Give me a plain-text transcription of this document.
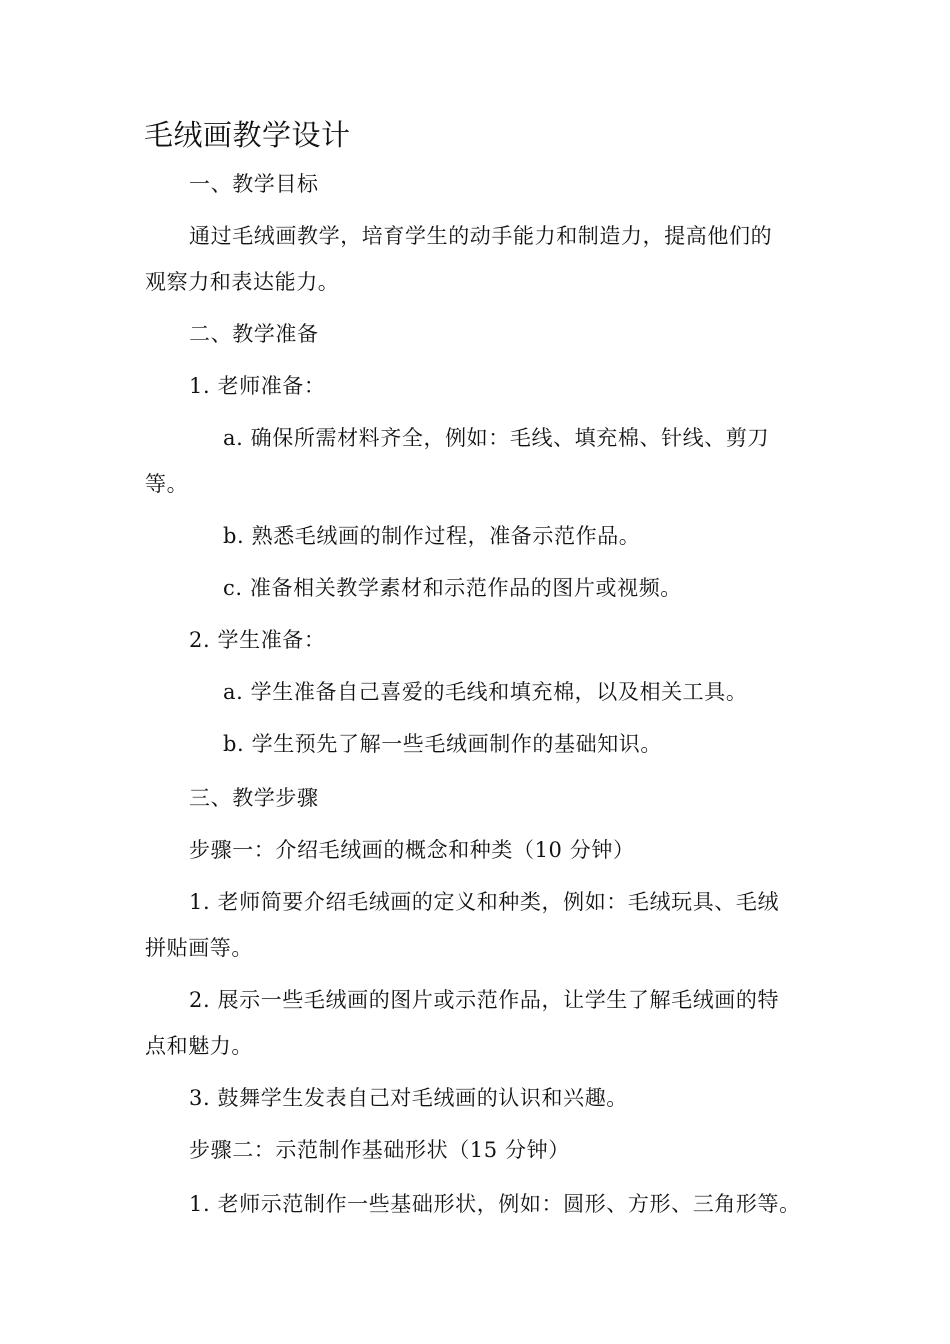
毛绒画教学设计
一、教学目标
通过毛绒画教学，培育学生的动手能力和制造力，提高他们的
观察力和表达能力。
二、教学准备
1. 老师准备：
a. 确保所需材料齐全，例如：毛线、填充棉、针线、剪刀
等。
b. 熟悉毛绒画的制作过程，准备示范作品。
c. 准备相关教学素材和示范作品的图片或视频。
2. 学生准备：
a. 学生准备自己喜爱的毛线和填充棉，以及相关工具。
b. 学生预先了解一些毛绒画制作的基础知识。
三、教学步骤
步骤一：介绍毛绒画的概念和种类（10 分钟）
1. 老师简要介绍毛绒画的定义和种类，例如：毛绒玩具、毛绒
拼贴画等。
2. 展示一些毛绒画的图片或示范作品，让学生了解毛绒画的特
点和魅力。
3. 鼓舞学生发表自己对毛绒画的认识和兴趣。
步骤二：示范制作基础形状（15 分钟）
1. 老师示范制作一些基础形状，例如：圆形、方形、三角形等。
